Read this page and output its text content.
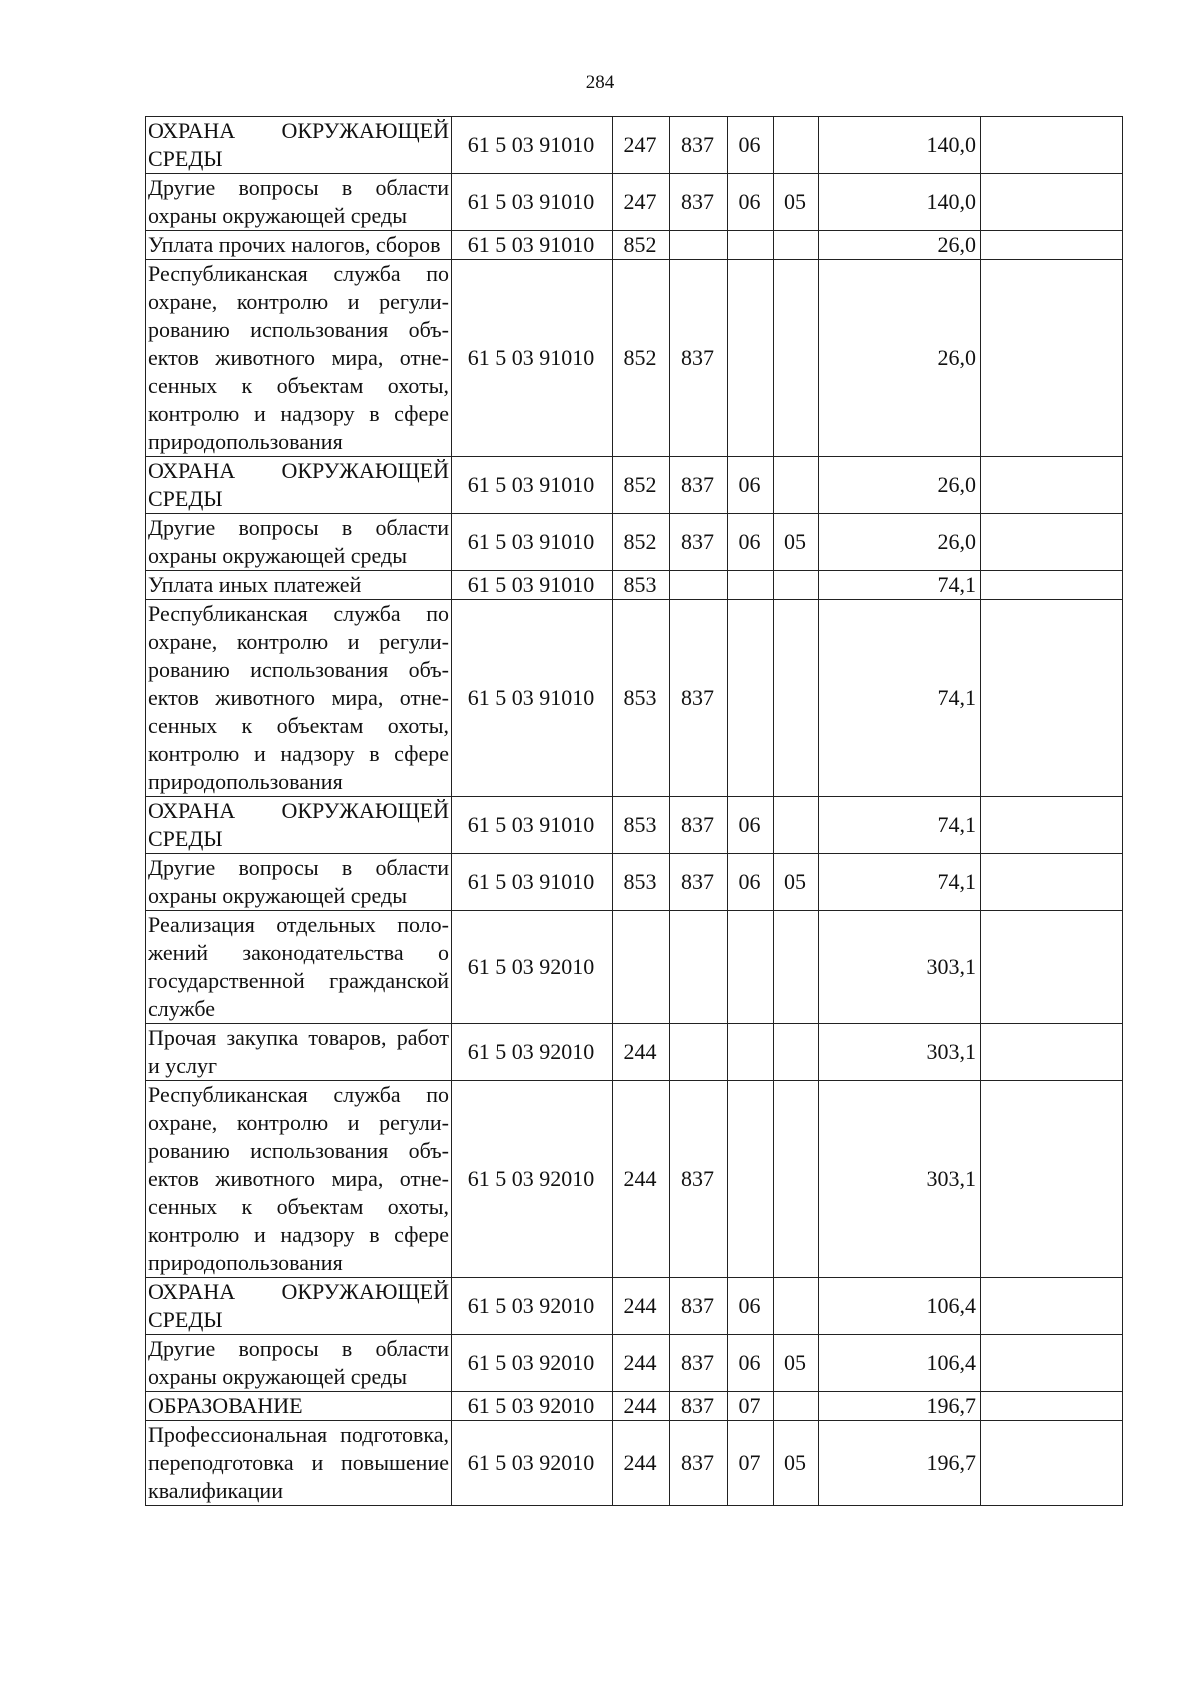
284
ОХРАНА ОКРУЖАЮЩЕЙ СРЕДЫ	61 5 03 91010	247	837	06		140,0	
Другие вопросы в области охраны окружающей среды	61 5 03 91010	247	837	06	05	140,0	
Уплата прочих налогов, сборов	61 5 03 91010	852				26,0	
Республиканская служба по охране, контролю и регулированию использования объектов животного мира, отнесенных к объектам охоты, контролю и надзору в сфере природопользования	61 5 03 91010	852	837			26,0	
ОХРАНА ОКРУЖАЮЩЕЙ СРЕДЫ	61 5 03 91010	852	837	06		26,0	
Другие вопросы в области охраны окружающей среды	61 5 03 91010	852	837	06	05	26,0	
Уплата иных платежей	61 5 03 91010	853				74,1	
Республиканская служба по охране, контролю и регулированию использования объектов животного мира, отнесенных к объектам охоты, контролю и надзору в сфере природопользования	61 5 03 91010	853	837			74,1	
ОХРАНА ОКРУЖАЮЩЕЙ СРЕДЫ	61 5 03 91010	853	837	06		74,1	
Другие вопросы в области охраны окружающей среды	61 5 03 91010	853	837	06	05	74,1	
Реализация отдельных положений законодательства о государственной гражданской службе	61 5 03 92010					303,1	
Прочая закупка товаров, работ и услуг	61 5 03 92010	244				303,1	
Республиканская служба по охране, контролю и регулированию использования объектов животного мира, отнесенных к объектам охоты, контролю и надзору в сфере природопользования	61 5 03 92010	244	837			303,1	
ОХРАНА ОКРУЖАЮЩЕЙ СРЕДЫ	61 5 03 92010	244	837	06		106,4	
Другие вопросы в области охраны окружающей среды	61 5 03 92010	244	837	06	05	106,4	
ОБРАЗОВАНИЕ	61 5 03 92010	244	837	07		196,7	
Профессиональная подготовка, переподготовка и повышение квалификации	61 5 03 92010	244	837	07	05	196,7	
